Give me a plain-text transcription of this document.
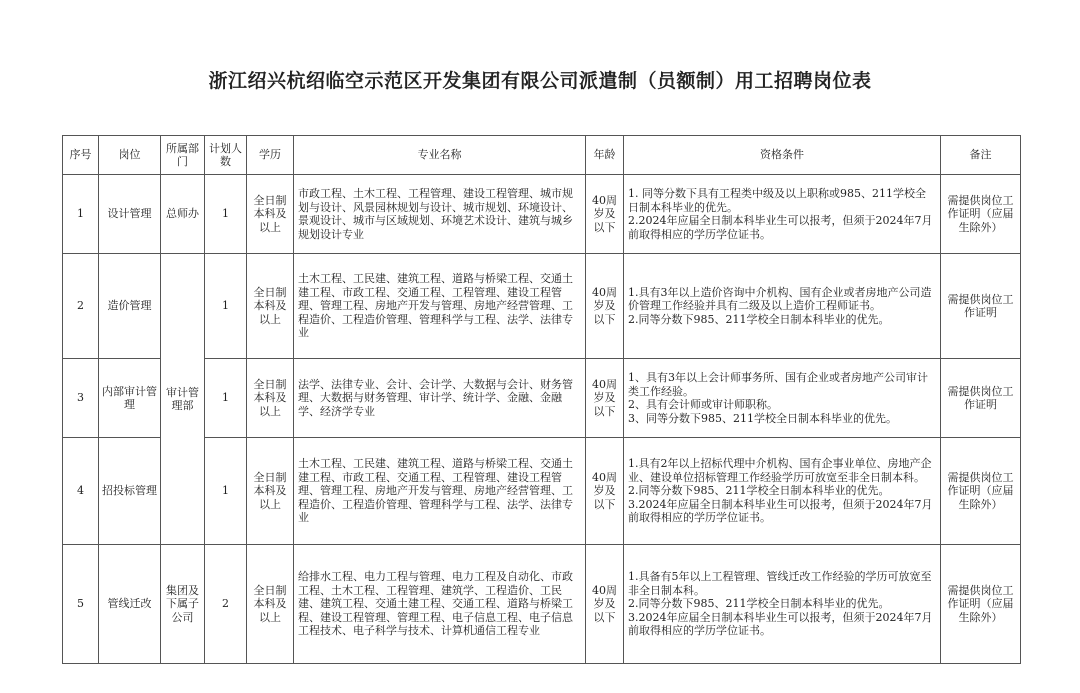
浙江绍兴杭绍临空示范区开发集团有限公司派遣制（员额制）用工招聘岗位表
序号	岗位	所属部门	计划人数	学历	专业名称	年龄	资格条件	备注
1	设计管理	总师办	1	全日制本科及以上	市政工程、土木工程、工程管理、建设工程管理、城市规划与设计、风景园林规划与设计、城市规划、环境设计、景观设计、城市与区域规划、环境艺术设计、建筑与城乡规划设计专业	40周岁及以下	1. 同等分数下具有工程类中级及以上职称或985、211学校全日制本科毕业的优先。
2.2024年应届全日制本科毕业生可以报考，但须于2024年7月前取得相应的学历学位证书。	需提供岗位工作证明（应届生除外）
2	造价管理	审计管理部	1	全日制本科及以上	土木工程、工民建、建筑工程、道路与桥梁工程、交通土建工程、市政工程、交通工程、工程管理、建设工程管理、管理工程、房地产开发与管理、房地产经营管理、工程造价、工程造价管理、管理科学与工程、法学、法律专业	40周岁及以下	1.具有3年以上造价咨询中介机构、国有企业或者房地产公司造价管理工作经验并具有二级及以上造价工程师证书。
2.同等分数下985、211学校全日制本科毕业的优先。	需提供岗位工作证明
3	内部审计管理		1	全日制本科及以上	法学、法律专业、会计、会计学、大数据与会计、财务管理、大数据与财务管理、审计学、统计学、金融、金融学、经济学专业	40周岁及以下	1、具有3年以上会计师事务所、国有企业或者房地产公司审计类工作经验。
2、具有会计师或审计师职称。
3、同等分数下985、211学校全日制本科毕业的优先。	需提供岗位工作证明
4	招投标管理		1	全日制本科及以上	土木工程、工民建、建筑工程、道路与桥梁工程、交通土建工程、市政工程、交通工程、工程管理、建设工程管理、管理工程、房地产开发与管理、房地产经营管理、工程造价、工程造价管理、管理科学与工程、法学、法律专业	40周岁及以下	1.具有2年以上招标代理中介机构、国有企事业单位、房地产企业、建设单位招标管理工作经验学历可放宽至非全日制本科。
2.同等分数下985、211学校全日制本科毕业的优先。
3.2024年应届全日制本科毕业生可以报考，但须于2024年7月前取得相应的学历学位证书。	需提供岗位工作证明（应届生除外）
5	管线迁改	集团及下属子公司	2	全日制本科及以上	给排水工程、电力工程与管理、电力工程及自动化、市政工程、土木工程、工程管理、建筑学、工程造价、工民建、建筑工程、交通土建工程、交通工程、道路与桥梁工程、建设工程管理、管理工程、电子信息工程、电子信息工程技术、电子科学与技术、计算机通信工程专业	40周岁及以下	1.具备有5年以上工程管理、管线迁改工作经验的学历可放宽至非全日制本科。
2.同等分数下985、211学校全日制本科毕业的优先。
3.2024年应届全日制本科毕业生可以报考，但须于2024年7月前取得相应的学历学位证书。	需提供岗位工作证明（应届生除外）
